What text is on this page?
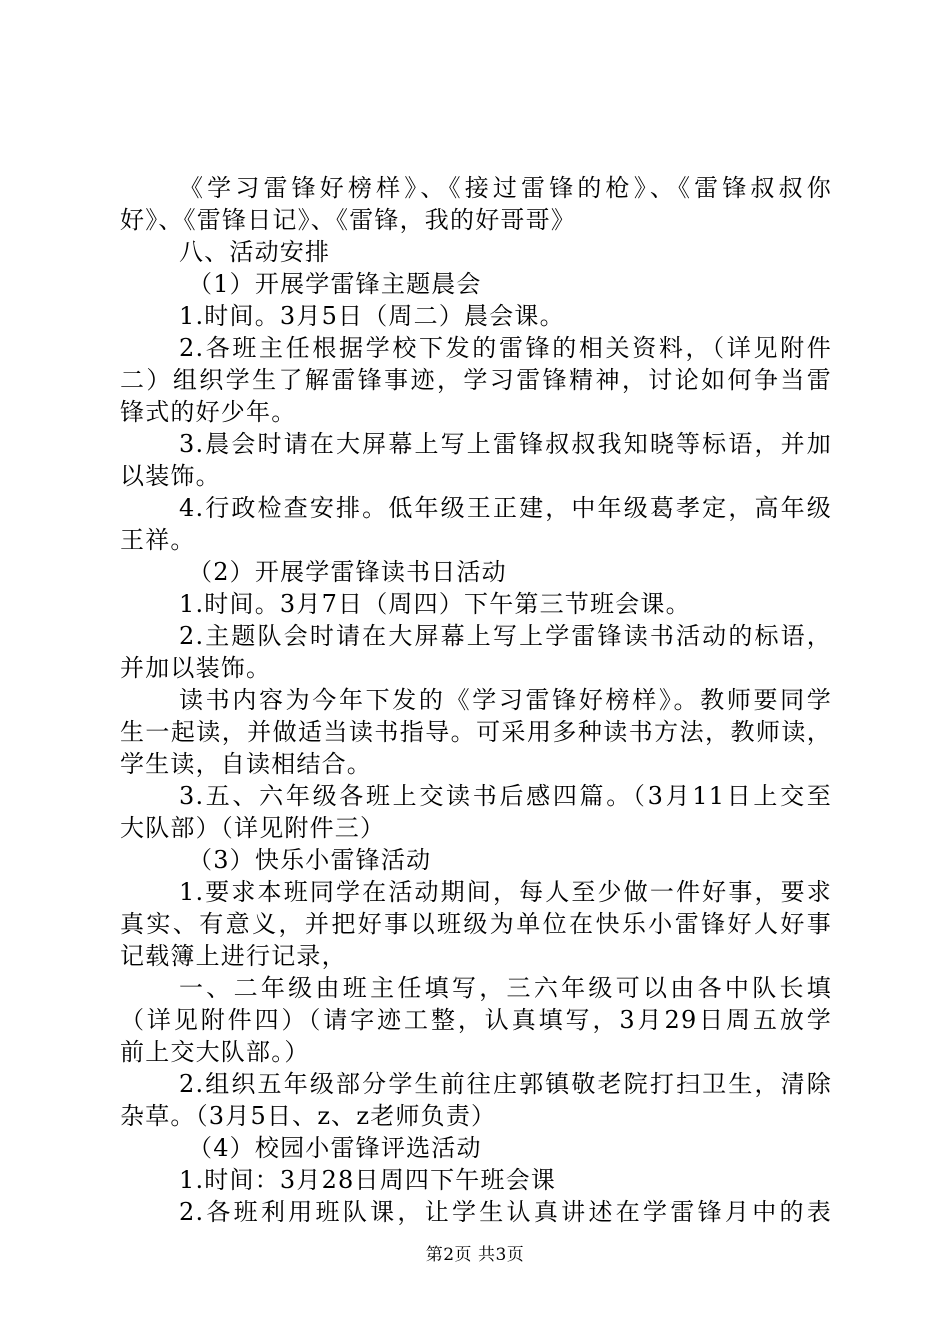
《学习雷锋好榜样》、《接过雷锋的枪》、《雷锋叔叔你
好》、《雷锋日记》、《雷锋，我的好哥哥》
八、活动安排
（1）开展学雷锋主题晨会
1.时间。3月5日（周二）晨会课。
2.各班主任根据学校下发的雷锋的相关资料，（详见附件
二）组织学生了解雷锋事迹，学习雷锋精神，讨论如何争当雷
锋式的好少年。
3.晨会时请在大屏幕上写上雷锋叔叔我知晓等标语，并加
以装饰。
4.行政检查安排。低年级王正建，中年级葛孝定，高年级
王祥。
（2）开展学雷锋读书日活动
1.时间。3月7日（周四）下午第三节班会课。
2.主题队会时请在大屏幕上写上学雷锋读书活动的标语，
并加以装饰。
读书内容为今年下发的《学习雷锋好榜样》。教师要同学
生一起读，并做适当读书指导。可采用多种读书方法，教师读，
学生读，自读相结合。
3.五、六年级各班上交读书后感四篇。（3月11日上交至
大队部）（详见附件三）
（3）快乐小雷锋活动
1.要求本班同学在活动期间，每人至少做一件好事，要求
真实、有意义，并把好事以班级为单位在快乐小雷锋好人好事
记载簿上进行记录，
一、二年级由班主任填写，三六年级可以由各中队长填
（详见附件四）（请字迹工整，认真填写，3月29日周五放学
前上交大队部。）
2.组织五年级部分学生前往庄郭镇敬老院打扫卫生，清除
杂草。（3月5日、z、z老师负责）
（4）校园小雷锋评选活动
1.时间：3月28日周四下午班会课
2.各班利用班队课，让学生认真讲述在学雷锋月中的表
第2页 共3页
